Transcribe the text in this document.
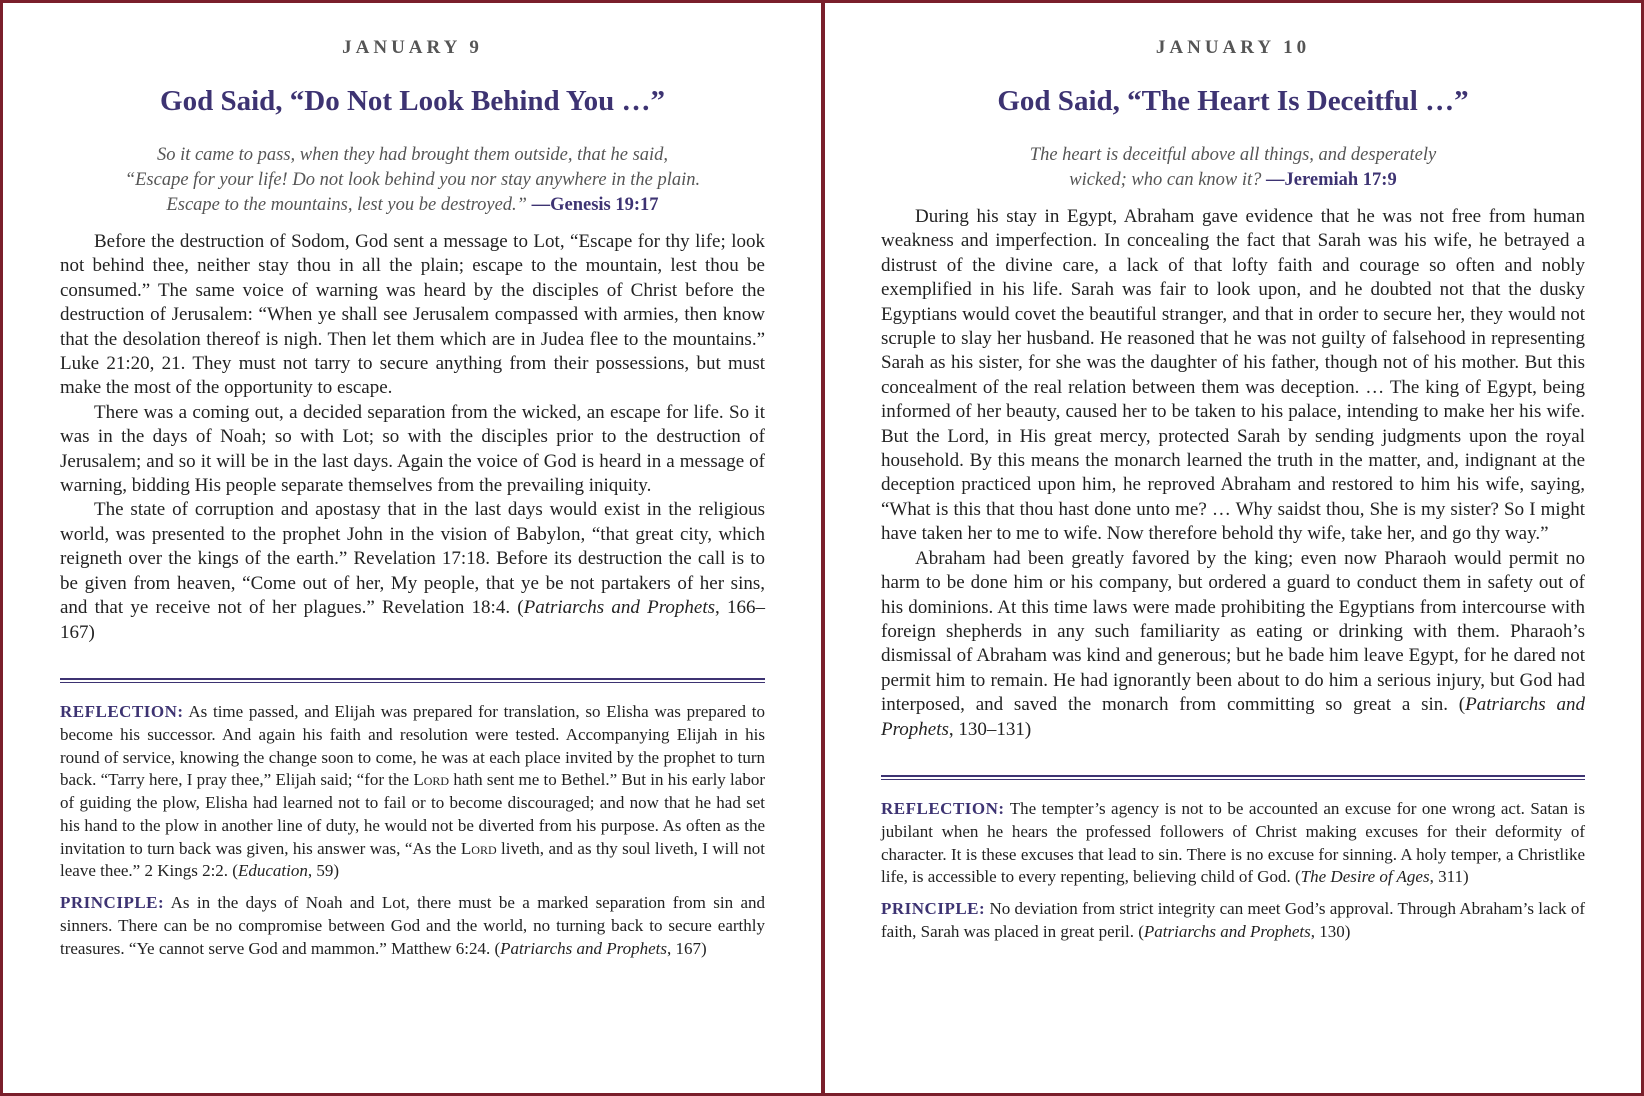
JANUARY 9
God Said, “Do Not Look Behind You …”
So it came to pass, when they had brought them outside, that he said,
“Escape for your life! Do not look behind you nor stay anywhere in the plain.
Escape to the mountains, lest you be destroyed.” —Genesis 19:17

Before the destruction of Sodom, God sent a message to Lot, “Escape for thy life; look not behind thee, neither stay thou in all the plain; escape to the mountain, lest thou be consumed.” The same voice of warning was heard by the disciples of Christ before the destruction of Jerusalem: “When ye shall see Jerusalem compassed with armies, then know that the desolation thereof is nigh. Then let them which are in Judea flee to the mountains.” Luke 21:20, 21. They must not tarry to secure anything from their possessions, but must make the most of the opportunity to escape.

There was a coming out, a decided separation from the wicked, an escape for life. So it was in the days of Noah; so with Lot; so with the disciples prior to the destruction of Jerusalem; and so it will be in the last days. Again the voice of God is heard in a message of warning, bidding His people separate themselves from the prevailing iniquity.

The state of corruption and apostasy that in the last days would exist in the religious world, was presented to the prophet John in the vision of Babylon, “that great city, which reigneth over the kings of the earth.” Revelation 17:18. Before its destruction the call is to be given from heaven, “Come out of her, My people, that ye be not partakers of her sins, and that ye receive not of her plagues.” Revelation 18:4. (Patriarchs and Prophets, 166–167)

REFLECTION: As time passed, and Elijah was prepared for translation, so Elisha was prepared to become his successor. And again his faith and resolution were tested. Accompanying Elijah in his round of service, knowing the change soon to come, he was at each place invited by the prophet to turn back. “Tarry here, I pray thee,” Elijah said; “for the Lord hath sent me to Bethel.” But in his early labor of guiding the plow, Elisha had learned not to fail or to become discouraged; and now that he had set his hand to the plow in another line of duty, he would not be diverted from his purpose. As often as the invitation to turn back was given, his answer was, “As the Lord liveth, and as thy soul liveth, I will not leave thee.” 2 Kings 2:2. (Education, 59)

PRINCIPLE: As in the days of Noah and Lot, there must be a marked separation from sin and sinners. There can be no compromise between God and the world, no turning back to secure earthly treasures. “Ye cannot serve God and mammon.” Matthew 6:24. (Patriarchs and Prophets, 167)

JANUARY 10
God Said, “The Heart Is Deceitful …”
The heart is deceitful above all things, and desperately
wicked; who can know it? —Jeremiah 17:9

During his stay in Egypt, Abraham gave evidence that he was not free from human weakness and imperfection. In concealing the fact that Sarah was his wife, he betrayed a distrust of the divine care, a lack of that lofty faith and courage so often and nobly exemplified in his life. Sarah was fair to look upon, and he doubted not that the dusky Egyptians would covet the beautiful stranger, and that in order to secure her, they would not scruple to slay her husband. He reasoned that he was not guilty of falsehood in representing Sarah as his sister, for she was the daughter of his father, though not of his mother. But this concealment of the real relation between them was deception. … The king of Egypt, being informed of her beauty, caused her to be taken to his palace, intending to make her his wife. But the Lord, in His great mercy, protected Sarah by sending judgments upon the royal household. By this means the monarch learned the truth in the matter, and, indignant at the deception practiced upon him, he reproved Abraham and restored to him his wife, saying, “What is this that thou hast done unto me? … Why saidst thou, She is my sister? So I might have taken her to me to wife. Now therefore behold thy wife, take her, and go thy way.”

Abraham had been greatly favored by the king; even now Pharaoh would permit no harm to be done him or his company, but ordered a guard to conduct them in safety out of his dominions. At this time laws were made prohibiting the Egyptians from intercourse with foreign shepherds in any such familiarity as eating or drinking with them. Pharaoh’s dismissal of Abraham was kind and generous; but he bade him leave Egypt, for he dared not permit him to remain. He had ignorantly been about to do him a serious injury, but God had interposed, and saved the monarch from committing so great a sin. (Patriarchs and Prophets, 130–131)

REFLECTION: The tempter’s agency is not to be accounted an excuse for one wrong act. Satan is jubilant when he hears the professed followers of Christ making excuses for their deformity of character. It is these excuses that lead to sin. There is no excuse for sinning. A holy temper, a Christlike life, is accessible to every repenting, believing child of God. (The Desire of Ages, 311)

PRINCIPLE: No deviation from strict integrity can meet God’s approval. Through Abraham’s lack of faith, Sarah was placed in great peril. (Patriarchs and Prophets, 130)
